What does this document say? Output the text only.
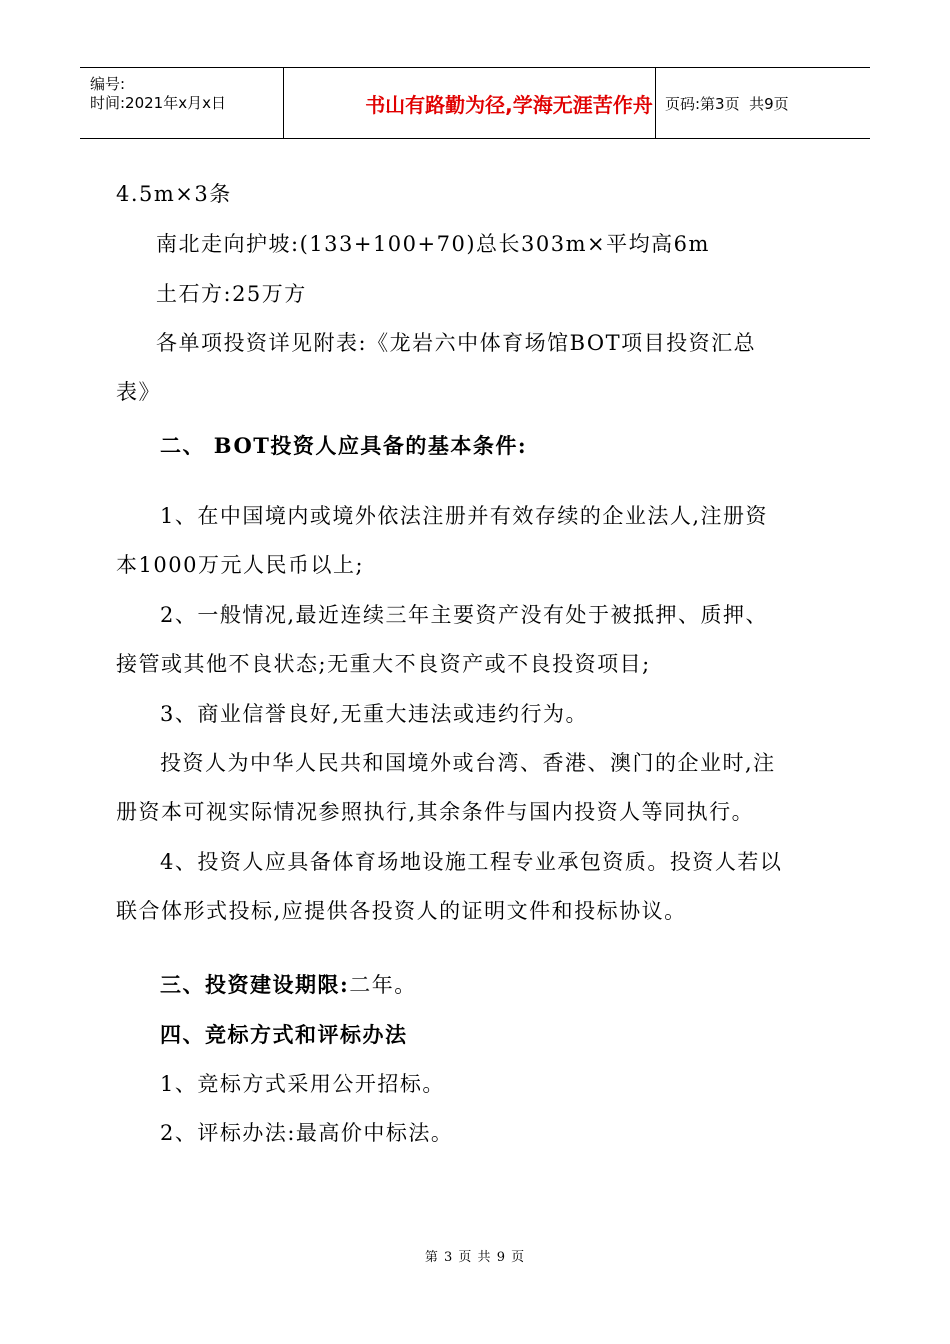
编号:
时间:2021年x月x日	书山有路勤为径,学海无涯苦作舟 页码:第3页  共9页
4.5m×3条
南北走向护坡:(133+100+70)总长303m×平均高6m
土石方:25万方
各单项投资详见附表:《龙岩六中体育场馆BOT项目投资汇总
表》
二、 BOT投资人应具备的基本条件:
1、在中国境内或境外依法注册并有效存续的企业法人,注册资
本1000万元人民币以上;
2、一般情况,最近连续三年主要资产没有处于被抵押、质押、
接管或其他不良状态;无重大不良资产或不良投资项目;
3、商业信誉良好,无重大违法或违约行为。
投资人为中华人民共和国境外或台湾、香港、澳门的企业时,注
册资本可视实际情况参照执行,其余条件与国内投资人等同执行。
4、投资人应具备体育场地设施工程专业承包资质。投资人若以
联合体形式投标,应提供各投资人的证明文件和投标协议。
三、投资建设期限:二年。
四、竞标方式和评标办法
1、竞标方式采用公开招标。
2、评标办法:最高价中标法。
第 3 页 共 9 页
